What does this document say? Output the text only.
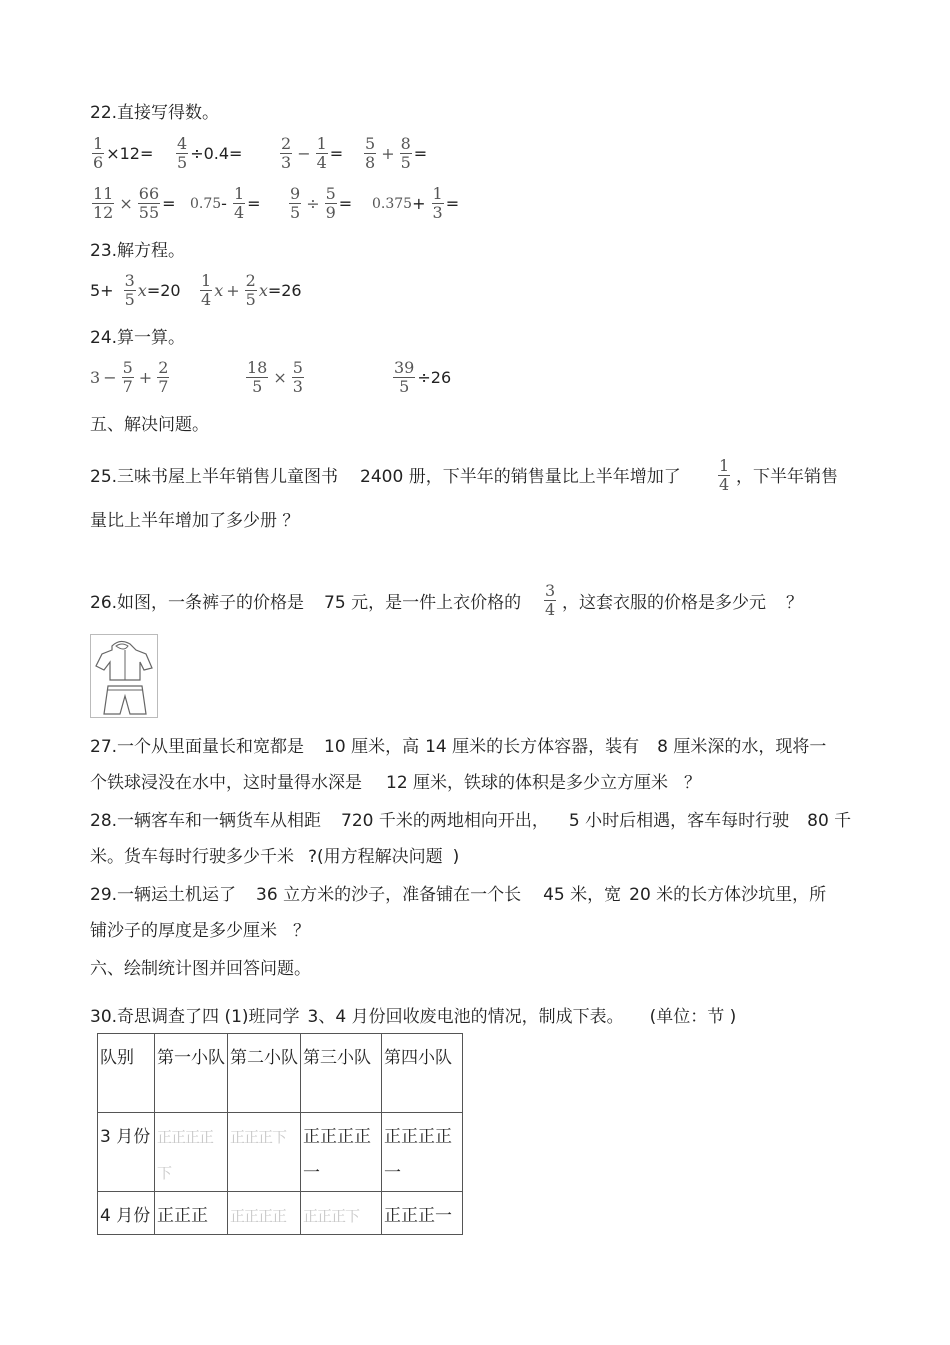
22.直接写得数。
$\frac{1}{6} \times 12= \frac{4}{5} \div 0.4= \frac{2}{3} - \frac{1}{4} = \frac{5}{8} + \frac{8}{5}$ =
$\frac{11}{12} \times \frac{66}{55} = 0.75 - \frac{1}{4} = \frac{9}{5} \div \frac{5}{9} = 0.375 + \frac{1}{3}$ =
23.解方程。
$5+ \frac{3}{5}$ $x =20 \frac{1}{4}$ $x + \frac{2}{5}$ x =26
24.算一算。
$3 - \frac{5}{7} + \frac{2}{7}$	$\frac{18}{5} \times \frac{5}{3}$	$\frac{39}{5} \div 26$
五、解决问题。
25.三味书屋上半年销售儿童图书 2400 册，下半年的销售量比上半年增加了 $\frac{1}{4}$ ，下半年销售
量比上半年增加了多少册 ？
26.如图，一条裤子的价格是 75 元，是一件上衣价格的 $\frac{3}{4}$ ，这套衣服的价格是多少元 ？
27.一个从里面量长和宽都是 10 厘米，高 14 厘米的长方体容器，装有 8 厘米深的水，现将一
个铁球浸没在水中，这时量得水深是 12 厘米，铁球的体积是多少立方厘米 ？
28.一辆客车和一辆货车从相距 720 千米的两地相向开出， 5 小时后相遇，客车每时行驶 80 千
米。货车每时行驶多少千米 ?(用方程解决问题 )
29.一辆运土机运了 36 立方米的沙子，准备铺在一个长 45 米，宽 20 米的长方体沙坑里，所
铺沙子的厚度是多少厘米 ？
六、绘制统计图并回答问题。
30.奇思调查了四 (1)班同学 3、4 月份回收废电池的情况，制成下表。 (单位：节 )
队别	第一小队	第二小队	第三小队	第四小队
3 月份	正正正正下	正正正下	正正正正一	正正正正一
4 月份	正正正	正正正正	正正正下	正正正一
